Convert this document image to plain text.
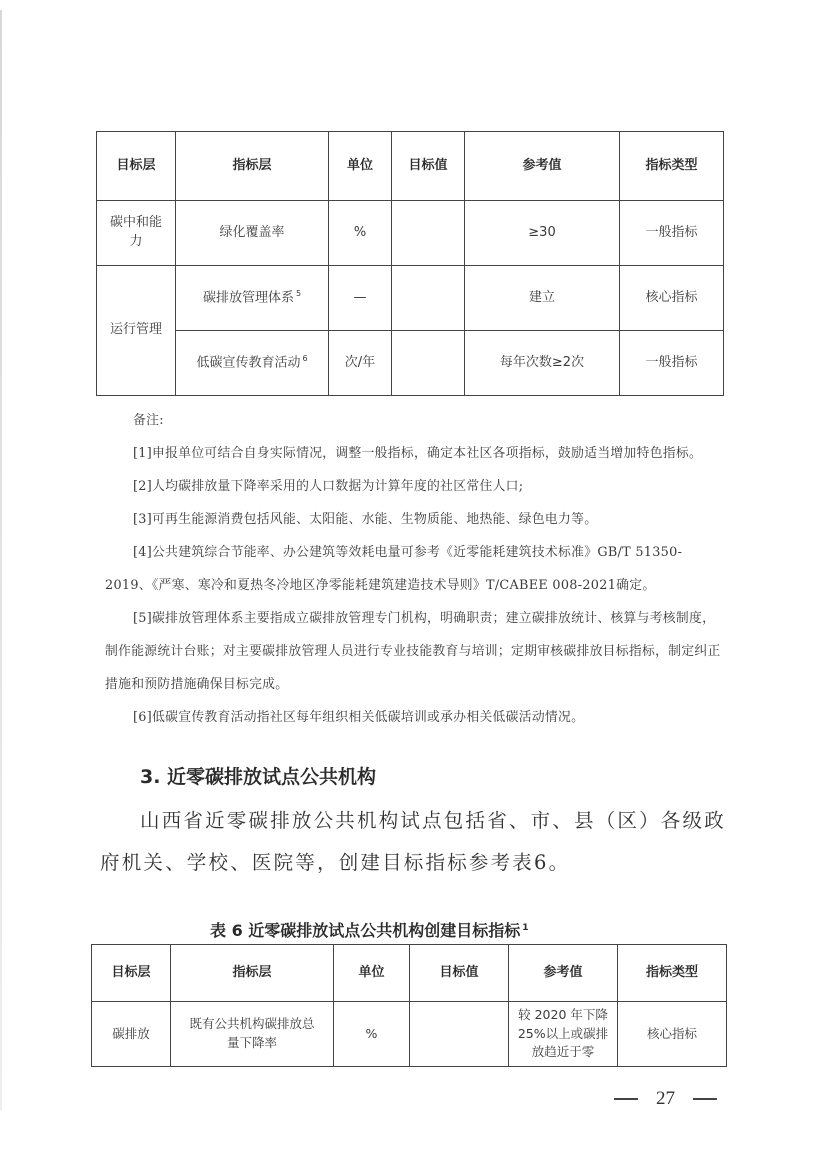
目标层	指标层	单位	目标值	参考值	指标类型
碳中和能力	绿化覆盖率	%		≥30	一般指标
运行管理	碳排放管理体系 $^5$	—		建立	核心指标
	低碳宣传教育活动 $^6$	次/年		每年次数≥2次	一般指标

备注:

[1]申报单位可结合自身实际情况，调整一般指标，确定本社区各项指标，鼓励适当增加特色指标。

[2]人均碳排放量下降率采用的人口数据为计算年度的社区常住人口;

[3]可再生能源消费包括风能、太阳能、水能、生物质能、地热能、绿色电力等。

[4]公共建筑综合节能率、办公建筑等效耗电量可参考《近零能耗建筑技术标准》GB/T 51350-2019、《严寒、寒冷和夏热冬冷地区净零能耗建筑建造技术导则》T/CABEE 008-2021确定。

[5]碳排放管理体系主要指成立碳排放管理专门机构，明确职责；建立碳排放统计、核算与考核制度，制作能源统计台账；对主要碳排放管理人员进行专业技能教育与培训；定期审核碳排放目标指标，制定纠正措施和预防措施确保目标完成。

[6]低碳宣传教育活动指社区每年组织相关低碳培训或承办相关低碳活动情况。

3. 近零碳排放试点公共机构

山西省近零碳排放公共机构试点包括省、市、县（区）各级政府机关、学校、医院等，创建目标指标参考表6。

表 6 近零碳排放试点公共机构创建目标指标 $^1$

目标层	指标层	单位	目标值	参考值	指标类型
碳排放	既有公共机构碳排放总量下降率	%		较 2020 年下降25%以上或碳排放趋近于零	核心指标
27
